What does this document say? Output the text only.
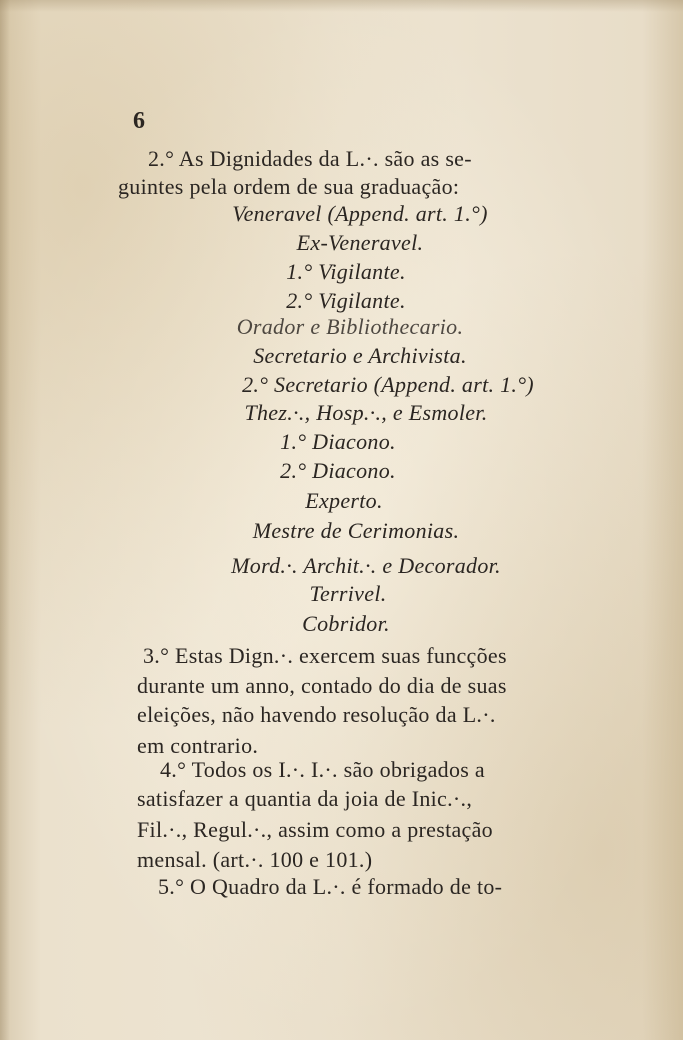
6

2.° As Dignidades da L.·. são as se-

guintes pela ordem de sua graduação:

Veneravel (Append. art. 1.°)

Ex-Veneravel.

1.° Vigilante.

2.° Vigilante.

Orador e Bibliothecario.

Secretario e Archivista.

2.° Secretario (Append. art. 1.°)

Thez.·., Hosp.·., e Esmoler.

1.° Diacono.

2.° Diacono.

Experto.

Mestre de Cerimonias.

Mord.·. Archit.·. e Decorador.

Terrivel.

Cobridor.

3.° Estas Dign.·. exercem suas funcções

durante um anno, contado do dia de suas

eleições, não havendo resolução da L.·.

em contrario.

4.° Todos os I.·. I.·. são obrigados a

satisfazer a quantia da joia de Inic.·.,

Fil.·., Regul.·., assim como a prestação

mensal. (art.·. 100 e 101.)

5.° O Quadro da L.·. é formado de to-
